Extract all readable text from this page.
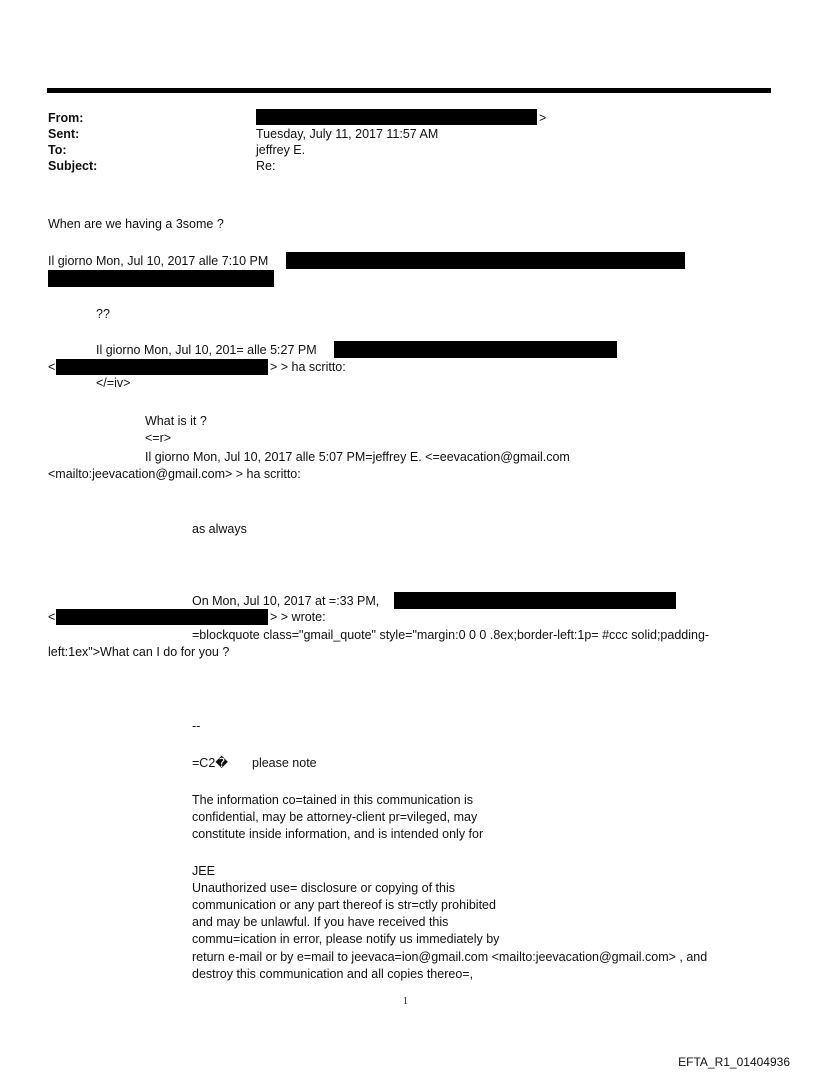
From:	>
Sent:	Tuesday, July 11, 2017 11:57 AM
To:	jeffrey E.
Subject:	Re:
When are we having a 3some ?
Il giorno Mon, Jul 10, 2017 alle 7:10 PM
??
Il giorno Mon, Jul 10, 201= alle 5:27 PM
<	> > ha scritto:
</=iv>
What is it ?
<=r>
Il giorno Mon, Jul 10, 2017 alle 5:07 PM=jeffrey E. <=eevacation@gmail.com
<mailto:jeevacation@gmail.com> > ha scritto:
as always
On Mon, Jul 10, 2017 at =:33 PM,
<	> > wrote:
=blockquote class="gmail_quote" style="margin:0 0 0 .8ex;border-left:1p= #ccc solid;padding-
left:1ex">What can I do for you ?
--
=C2� please note
The information co=tained in this communication is
confidential, may be attorney-client pr=vileged, may
constitute inside information, and is intended only for
JEE
Unauthorized use= disclosure or copying of this
communication or any part thereof is str=ctly prohibited
and may be unlawful. If you have received this
commu=ication in error, please notify us immediately by
return e-mail or by e=mail to jeevaca=ion@gmail.com <mailto:jeevacation@gmail.com> , and
destroy this communication and all copies thereo=,
1
EFTA_R1_01404936
